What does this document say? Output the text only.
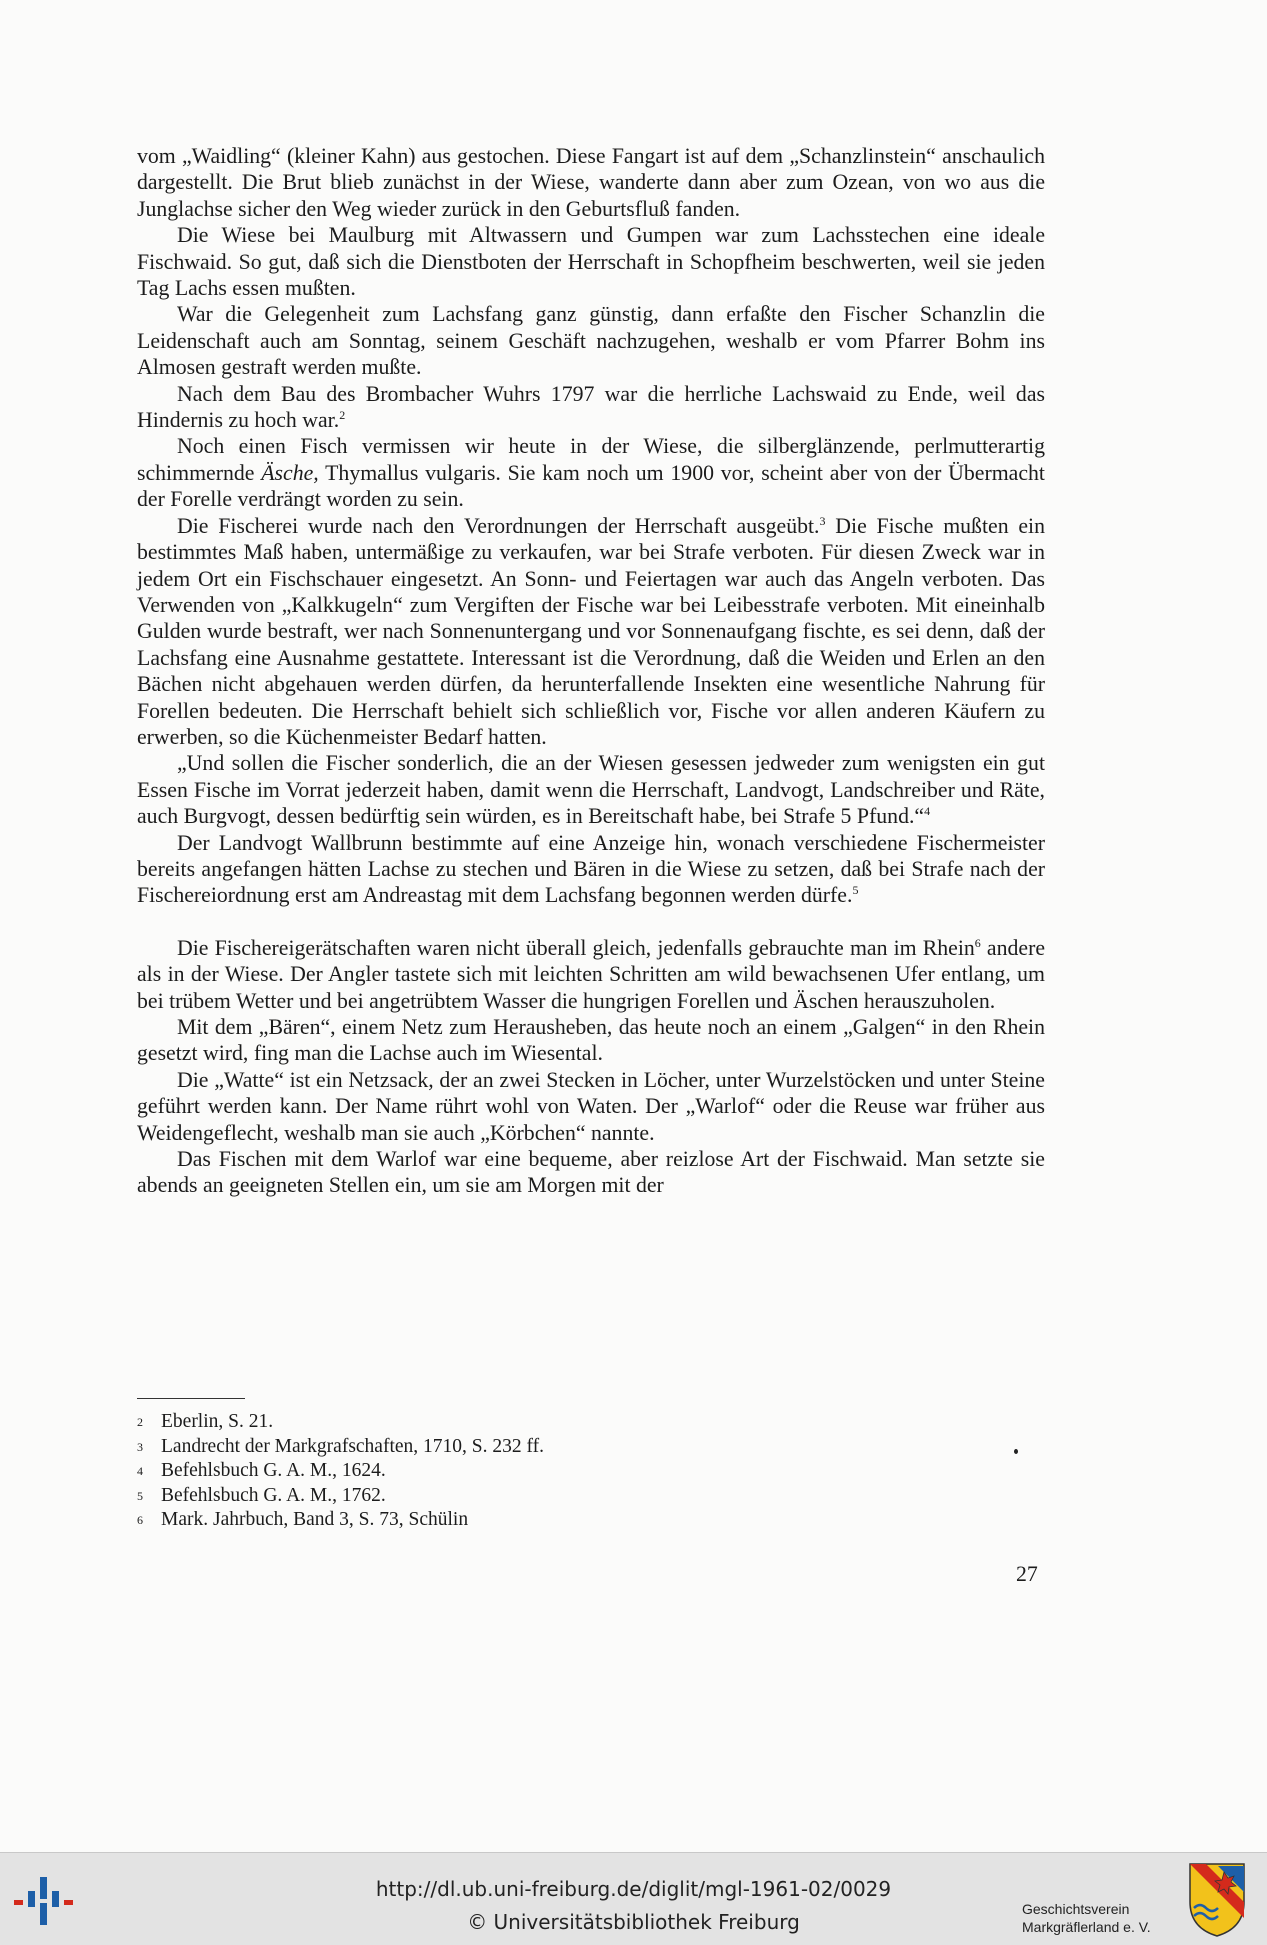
vom „Waidling“ (kleiner Kahn) aus gestochen. Diese Fangart ist auf dem „Schanzlinstein“ anschaulich dargestellt. Die Brut blieb zunächst in der Wiese, wanderte dann aber zum Ozean, von wo aus die Junglachse sicher den Weg wieder zurück in den Geburtsfluß fanden.

Die Wiese bei Maulburg mit Altwassern und Gumpen war zum Lachsstechen eine ideale Fischwaid. So gut, daß sich die Dienstboten der Herrschaft in Schopfheim beschwerten, weil sie jeden Tag Lachs essen mußten.

War die Gelegenheit zum Lachsfang ganz günstig, dann erfaßte den Fischer Schanzlin die Leidenschaft auch am Sonntag, seinem Geschäft nachzugehen, weshalb er vom Pfarrer Bohm ins Almosen gestraft werden mußte.

Nach dem Bau des Brombacher Wuhrs 1797 war die herrliche Lachswaid zu Ende, weil das Hindernis zu hoch war.$^2$

Noch einen Fisch vermissen wir heute in der Wiese, die silberglänzende, perlmutterartig schimmernde Äsche, Thymallus vulgaris. Sie kam noch um 1900 vor, scheint aber von der Übermacht der Forelle verdrängt worden zu sein.

Die Fischerei wurde nach den Verordnungen der Herrschaft ausgeübt.$^3$ Die Fische mußten ein bestimmtes Maß haben, untermäßige zu verkaufen, war bei Strafe verboten. Für diesen Zweck war in jedem Ort ein Fischschauer eingesetzt. An Sonn- und Feiertagen war auch das Angeln verboten. Das Verwenden von „Kalkkugeln“ zum Vergiften der Fische war bei Leibesstrafe verboten. Mit eineinhalb Gulden wurde bestraft, wer nach Sonnenuntergang und vor Sonnenaufgang fischte, es sei denn, daß der Lachsfang eine Ausnahme gestattete. Interessant ist die Verordnung, daß die Weiden und Erlen an den Bächen nicht abgehauen werden dürfen, da herunterfallende Insekten eine wesentliche Nahrung für Forellen bedeuten. Die Herrschaft behielt sich schließlich vor, Fische vor allen anderen Käufern zu erwerben, so die Küchenmeister Bedarf hatten.

„Und sollen die Fischer sonderlich, die an der Wiesen gesessen jedweder zum wenigsten ein gut Essen Fische im Vorrat jederzeit haben, damit wenn die Herrschaft, Landvogt, Landschreiber und Räte, auch Burgvogt, dessen bedürftig sein würden, es in Bereitschaft habe, bei Strafe 5 Pfund.“$^4$

Der Landvogt Wallbrunn bestimmte auf eine Anzeige hin, wonach verschiedene Fischermeister bereits angefangen hätten Lachse zu stechen und Bären in die Wiese zu setzen, daß bei Strafe nach der Fischereiordnung erst am Andreastag mit dem Lachsfang begonnen werden dürfe.$^5$

Die Fischereigerätschaften waren nicht überall gleich, jedenfalls gebrauchte man im Rhein$^6$ andere als in der Wiese. Der Angler tastete sich mit leichten Schritten am wild bewachsenen Ufer entlang, um bei trübem Wetter und bei angetrübtem Wasser die hungrigen Forellen und Äschen herauszuholen.

Mit dem „Bären“, einem Netz zum Herausheben, das heute noch an einem „Galgen“ in den Rhein gesetzt wird, fing man die Lachse auch im Wiesental.

Die „Watte“ ist ein Netzsack, der an zwei Stecken in Löcher, unter Wurzelstöcken und unter Steine geführt werden kann. Der Name rührt wohl von Waten. Der „Warlof“ oder die Reuse war früher aus Weidengeflecht, weshalb man sie auch „Körbchen“ nannte.

Das Fischen mit dem Warlof war eine bequeme, aber reizlose Art der Fischwaid. Man setzte sie abends an geeigneten Stellen ein, um sie am Morgen mit der

2 Eberlin, S. 21.
3 Landrecht der Markgrafschaften, 1710, S. 232 ff.
4 Befehlsbuch G. A. M., 1624.
5 Befehlsbuch G. A. M., 1762.
6 Mark. Jahrbuch, Band 3, S. 73, Schülin
27
http://dl.ub.uni-freiburg.de/diglit/mgl-1961-02/0029
© Universitätsbibliothek Freiburg
Geschichtsverein
Markgräflerland e. V.
